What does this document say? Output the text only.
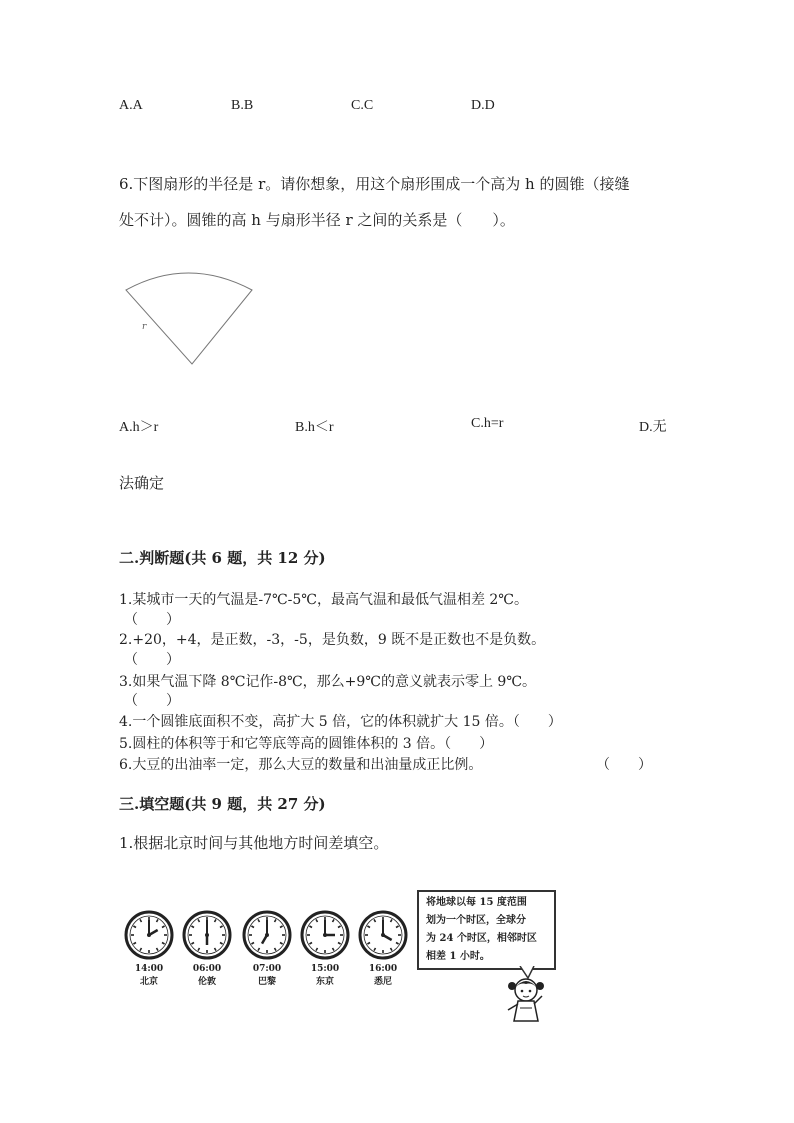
A.A	B.B	C.C	D.D
6.下图扇形的半径是 r。请你想象，用这个扇形围成一个高为 h 的圆锥（接缝
处不计）。圆锥的高 h 与扇形半径 r 之间的关系是（　　）。
r
A.h＞r	B.h＜r	C.h=r	D.无
法确定
二.判断题(共 6 题，共 12 分)
1.某城市一天的气温是-7℃-5℃，最高气温和最低气温相差 2℃。
（　　）
2.+20，+4，是正数，-3，-5，是负数，9 既不是正数也不是负数。
（　　）
3.如果气温下降 8℃记作-8℃，那么+9℃的意义就表示零上 9℃。
（　　）
4.一个圆锥底面积不变，高扩大 5 倍，它的体积就扩大 15 倍。（　　）
5.圆柱的体积等于和它等底等高的圆锥体积的 3 倍。（　　）
6.大豆的出油率一定，那么大豆的数量和出油量成正比例。	（　　）
三.填空题(共 9 题，共 27 分)
1.根据北京时间与其他地方时间差填空。
14:00
北京
06:00
伦敦
07:00
巴黎
15:00
东京
16:00
悉尼
将地球以每 15 度范围
划为一个时区，全球分
为 24 个时区，相邻时区
相差 1 小时。
